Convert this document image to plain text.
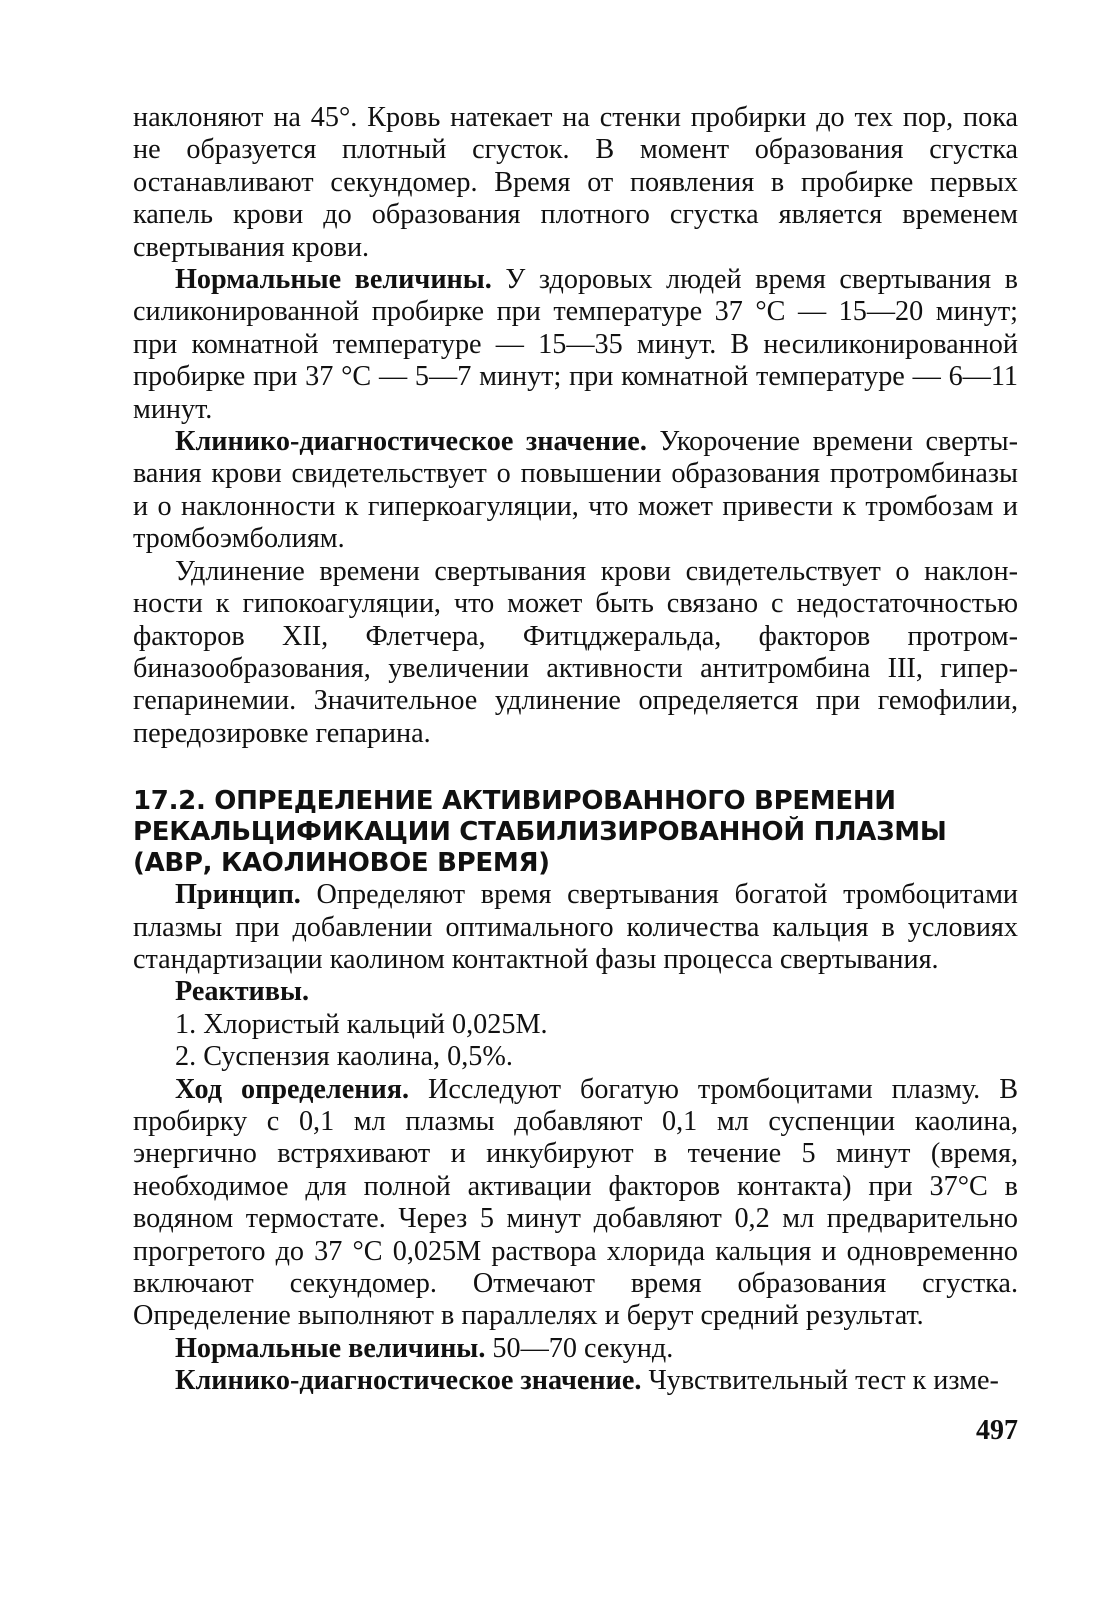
наклоняют на 45°. Кровь натекает на стенки пробирки до тех пор, пока не образуется плотный сгусток. В момент образования сгустка останавливают секундомер. Время от появления в пробирке первых капель крови до образования плотного сгустка является временем свертывания крови.

Нормальные величины. У здоровых людей время свертывания в силиконированной пробирке при температуре 37 °С — 15—20 минут; при комнатной температуре — 15—35 минут. В несиликонированной пробирке при 37 °С — 5—7 минут; при комнатной температуре — 6—11 минут.

Клинико-диагностическое значение. Укорочение времени свертывания крови свидетельствует о повышении образования протромбиназы и о наклонности к гиперкоагуляции, что может привести к тромбозам и тромбоэмболиям.

Удлинение времени свертывания крови свидетельствует о наклонности к гипокоагуляции, что может быть связано с недостаточностью факторов XII, Флетчера, Фитцджеральда, факторов протромбиназообразования, увеличении активности антитромбина III, гипергепаринемии. Значительное удлинение определяется при гемофилии, передозировке гепарина.

17.2. ОПРЕДЕЛЕНИЕ АКТИВИРОВАННОГО ВРЕМЕНИ РЕКАЛЬЦИФИКАЦИИ СТАБИЛИЗИРОВАННОЙ ПЛАЗМЫ (АВР, КАОЛИНОВОЕ ВРЕМЯ)

Принцип. Определяют время свертывания богатой тромбоцитами плазмы при добавлении оптимального количества кальция в условиях стандартизации каолином контактной фазы процесса свертывания.

Реактивы.

1. Хлористый кальций 0,025М.

2. Суспензия каолина, 0,5%.

Ход определения. Исследуют богатую тромбоцитами плазму. В пробирку с 0,1 мл плазмы добавляют 0,1 мл суспенции каолина, энергично встряхивают и инкубируют в течение 5 минут (время, необходимое для полной активации факторов контакта) при 37°С в водяном термостате. Через 5 минут добавляют 0,2 мл предварительно прогретого до 37 °С 0,025М раствора хлорида кальция и одновременно включают секундомер. Отмечают время образования сгустка. Определение выполняют в параллелях и берут средний результат.

Нормальные величины. 50—70 секунд.

Клинико-диагностическое значение. Чувствительный тест к изме-

497
